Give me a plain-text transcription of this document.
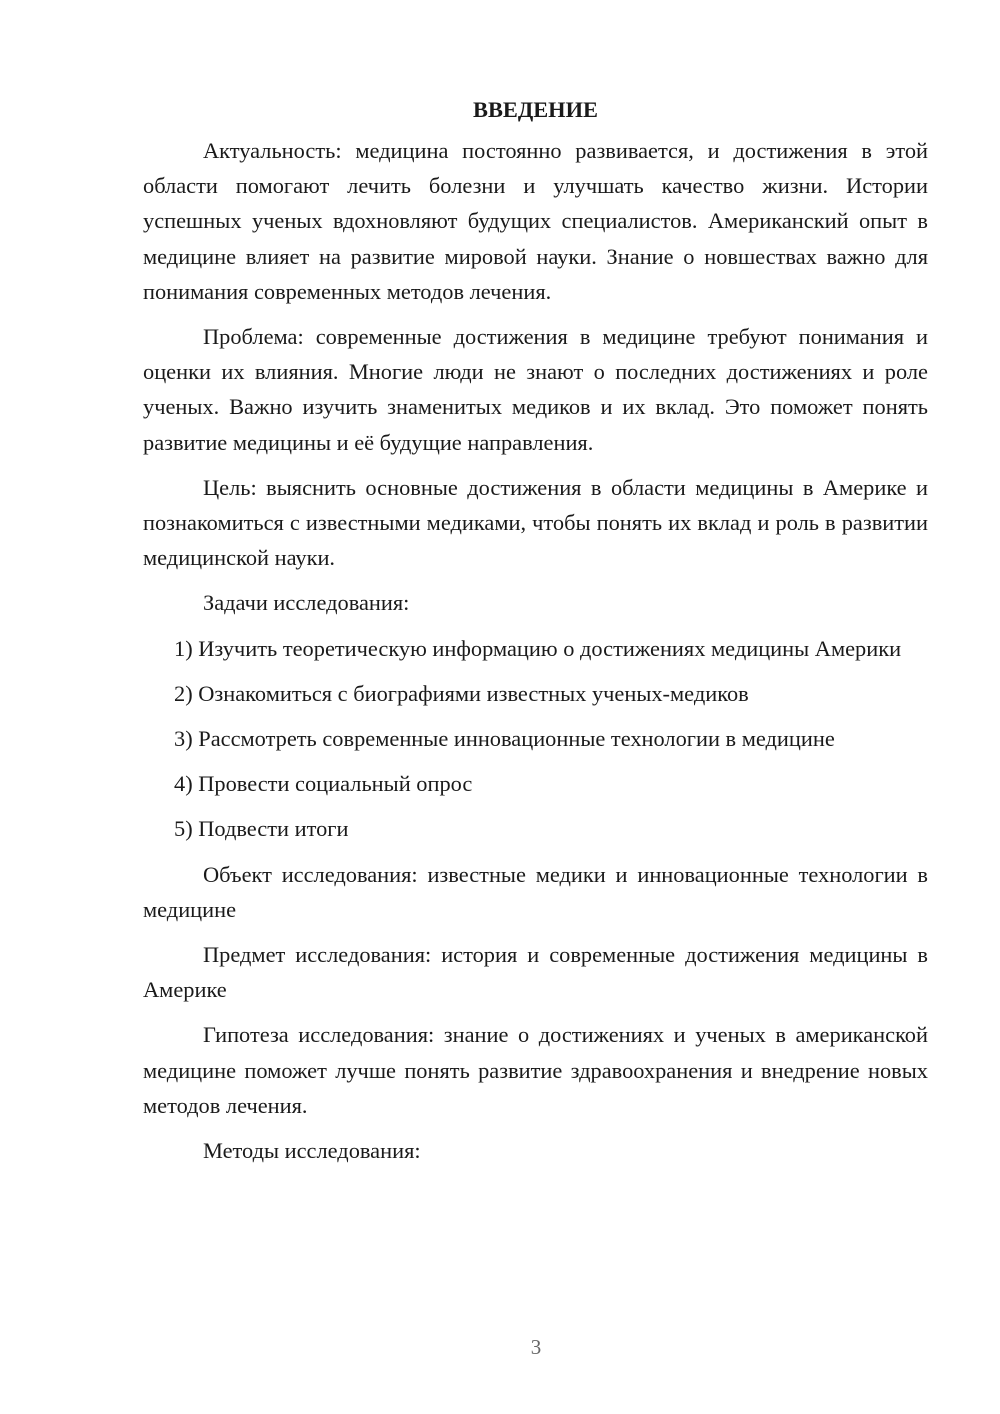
ВВЕДЕНИЕ

Актуальность: медицина постоянно развивается, и достижения в этой области помогают лечить болезни и улучшать качество жизни. Истории успешных ученых вдохновляют будущих специалистов. Американский опыт в медицине влияет на развитие мировой науки. Знание о новшествах важно для понимания современных методов лечения.

Проблема: современные достижения в медицине требуют понимания и оценки их влияния. Многие люди не знают о последних достижениях и роле ученых. Важно изучить знаменитых медиков и их вклад. Это поможет понять развитие медицины и её будущие направления.

Цель: выяснить основные достижения в области медицины в Америке и познакомиться с известными медиками, чтобы понять их вклад и роль в развитии медицинской науки.

Задачи исследования:

1) Изучить теоретическую информацию о достижениях медицины Америки

2) Ознакомиться с биографиями известных ученых-медиков

3) Рассмотреть современные инновационные технологии в медицине

4) Провести социальный опрос

5) Подвести итоги

Объект исследования: известные медики и инновационные технологии в медицине

Предмет исследования: история и современные достижения медицины в Америке

Гипотеза исследования: знание о достижениях и ученых в американской медицине поможет лучше понять развитие здравоохранения и внедрение новых методов лечения.

Методы исследования:

3
